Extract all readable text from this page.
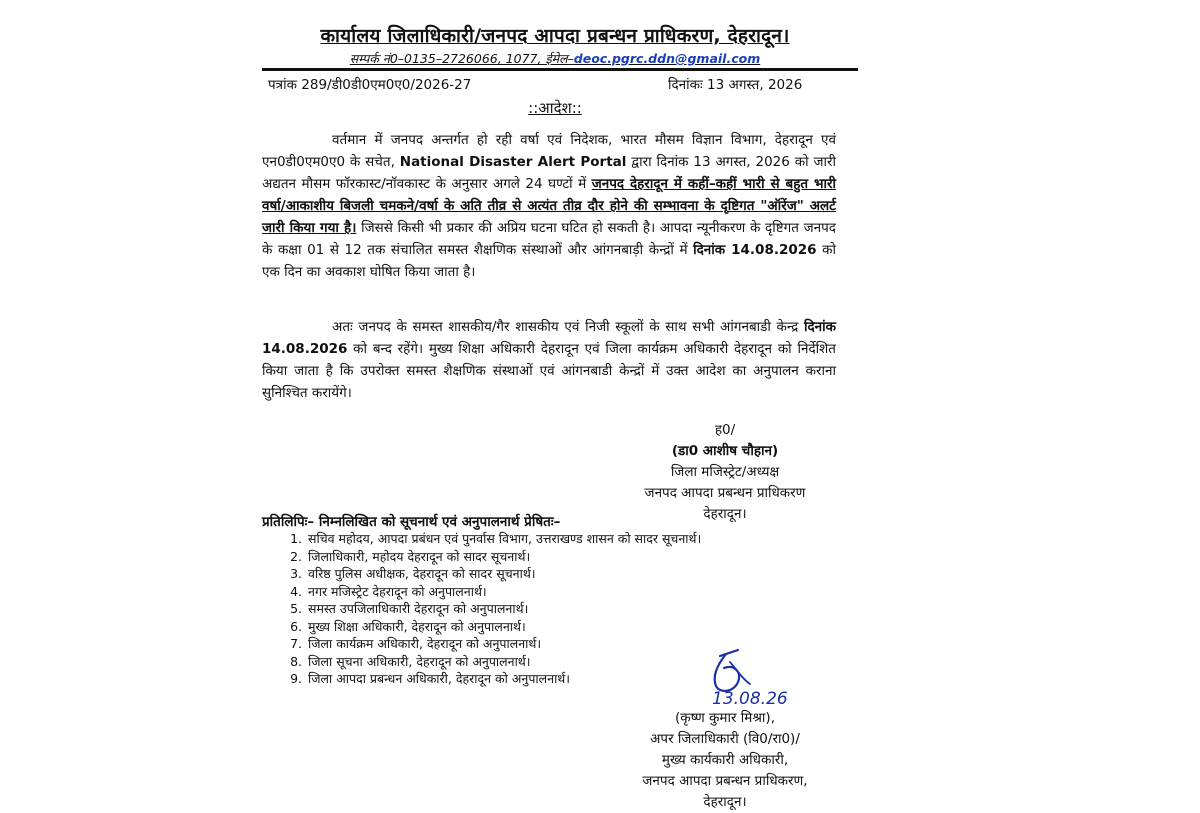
कार्यालय जिलाधिकारी/जनपद आपदा प्रबन्धन प्राधिकरण, देहरादून।
सम्पर्क नं0–0135–2726066, 1077, ईमेल–deoc.pgrc.ddn@gmail.com
पत्रांक 289/डी0डी0एम0ए0/2026-27	दिनांकः 13 अगस्त, 2026
::आदेश::
वर्तमान में जनपद अन्तर्गत हो रही वर्षा एवं निदेशक, भारत मौसम विज्ञान विभाग, देहरादून एवं एन0डी0एम0ए0 के सचेत, National Disaster Alert Portal द्वारा दिनांक 13 अगस्त, 2026 को जारी अद्यतन मौसम फॉरकास्ट/नॉवकास्ट के अनुसार अगले 24 घण्टों में जनपद देहरादून में कहीं–कहीं भारी से बहुत भारी वर्षा/आकाशीय बिजली चमकने/वर्षा के अति तीव्र से अत्यंत तीव्र दौर होने की सम्भावना के दृष्टिगत "ऑरेंज" अलर्ट जारी किया गया है। जिससे किसी भी प्रकार की अप्रिय घटना घटित हो सकती है। आपदा न्यूनीकरण के दृष्टिगत जनपद के कक्षा 01 से 12 तक संचालित समस्त शैक्षणिक संस्थाओं और आंगनबाड़ी केन्द्रों में दिनांक 14.08.2026 को एक दिन का अवकाश घोषित किया जाता है।
अतः जनपद के समस्त शासकीय/गैर शासकीय एवं निजी स्कूलों के साथ सभी आंगनबाडी केन्द्र दिनांक 14.08.2026 को बन्द रहेंगे। मुख्य शिक्षा अधिकारी देहरादून एवं जिला कार्यक्रम अधिकारी देहरादून को निर्देशित किया जाता है कि उपरोक्त समस्त शैक्षणिक संस्थाओं एवं आंगनबाडी केन्द्रों में उक्त आदेश का अनुपालन कराना सुनिश्चित करायेंगे।
ह0/
(डा0 आशीष चौहान)
जिला मजिस्ट्रेट/अध्यक्ष
जनपद आपदा प्रबन्धन प्राधिकरण
देहरादून।
प्रतिलिपिः– निम्नलिखित को सूचनार्थ एवं अनुपालनार्थ प्रेषितः–
1. सचिव महोदय, आपदा प्रबंधन एवं पुनर्वास विभाग, उत्तराखण्ड शासन को सादर सूचनार्थ।
2. जिलाधिकारी, महोदय देहरादून को सादर सूचनार्थ।
3. वरिष्ठ पुलिस अधीक्षक, देहरादून को सादर सूचनार्थ।
4. नगर मजिस्ट्रेट देहरादून को अनुपालनार्थ।
5. समस्त उपजिलाधिकारी देहरादून को अनुपालनार्थ।
6. मुख्य शिक्षा अधिकारी, देहरादून को अनुपालनार्थ।
7. जिला कार्यक्रम अधिकारी, देहरादून को अनुपालनार्थ।
8. जिला सूचना अधिकारी, देहरादून को अनुपालनार्थ।
9. जिला आपदा प्रबन्धन अधिकारी, देहरादून को अनुपालनार्थ।
13.08.26
(कृष्ण कुमार मिश्रा),
अपर जिलाधिकारी (वि0/रा0)/
मुख्य कार्यकारी अधिकारी,
जनपद आपदा प्रबन्धन प्राधिकरण,
देहरादून।
